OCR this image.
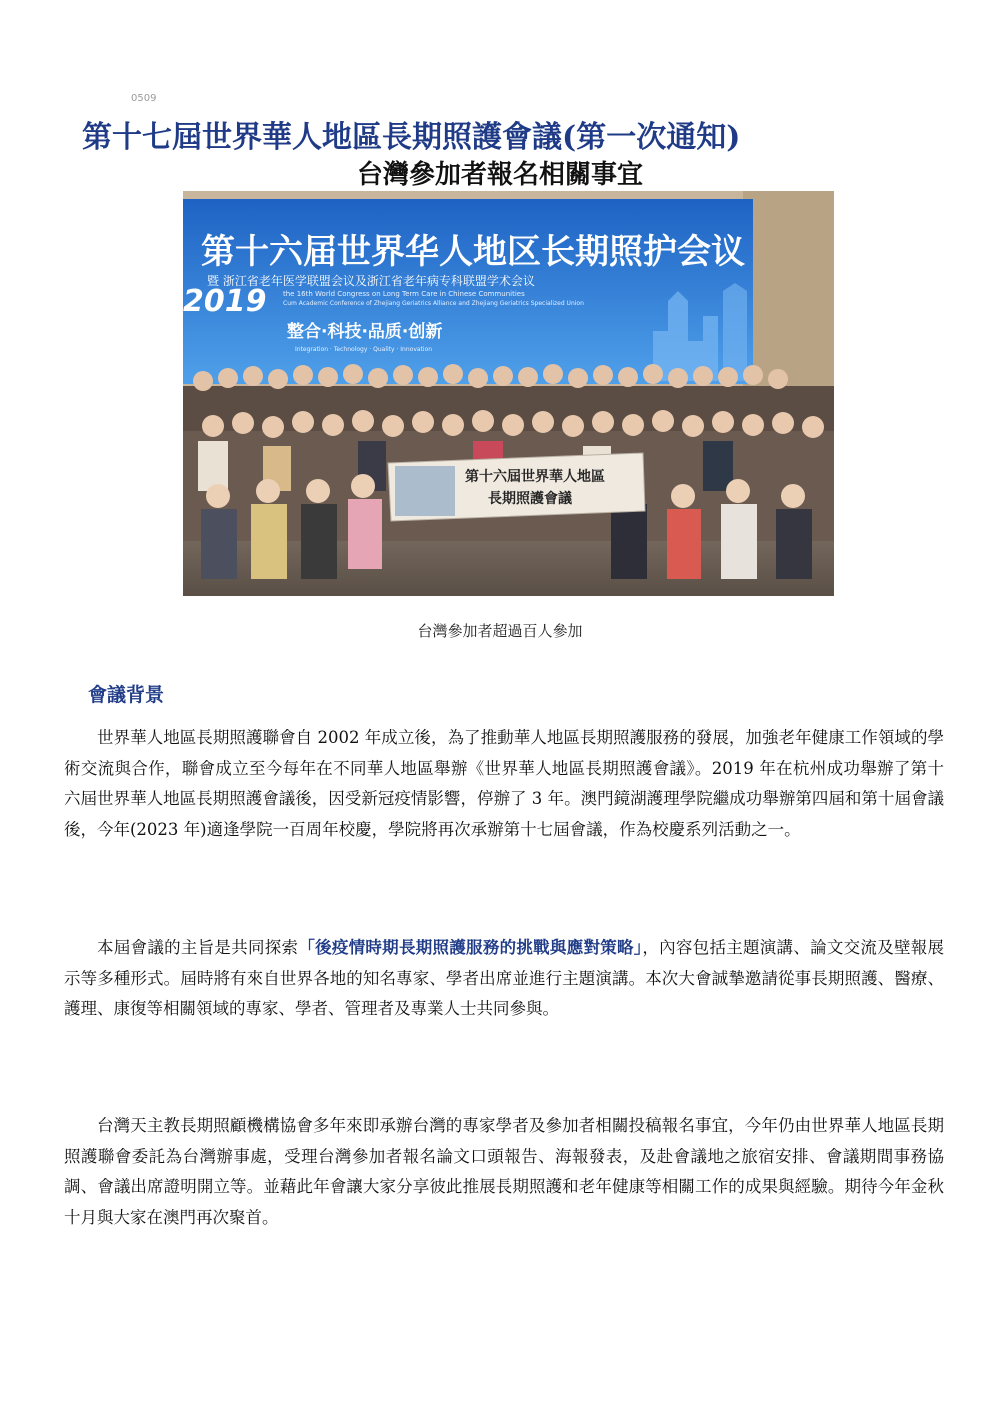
0509
第十七屆世界華人地區長期照護會議(第一次通知)
台灣參加者報名相關事宜
第十六届世界华人地区长期照护会议
暨 浙江省老年医学联盟会议及浙江省老年病专科联盟学术会议
2019 the 16th World Congress on Long Term Care in Chinese Communities
Cum Academic Conference of Zhejiang Geriatrics Alliance and Zhejiang Geriatrics Specialized Union
整合·科技·品质·创新
Integration · Technology · Quality · Innovation
第十六屆世界華人地區
長期照護會議
台灣參加者超過百人參加
會議背景

世界華人地區長期照護聯會自 2002 年成立後，為了推動華人地區長期照護服務的發展，加強老年健康工作領域的學術交流與合作，聯會成立至今每年在不同華人地區舉辦《世界華人地區長期照護會議》。2019 年在杭州成功舉辦了第十六屆世界華人地區長期照護會議後，因受新冠疫情影響，停辦了 3 年。澳門鏡湖護理學院繼成功舉辦第四屆和第十屆會議後，今年(2023 年)適逢學院一百周年校慶，學院將再次承辦第十七屆會議，作為校慶系列活動之一。

本屆會議的主旨是共同探索「後疫情時期長期照護服務的挑戰與應對策略」，內容包括主題演講、論文交流及壁報展示等多種形式。屆時將有來自世界各地的知名專家、學者出席並進行主題演講。本次大會誠摯邀請從事長期照護、醫療、護理、康復等相關領域的專家、學者、管理者及專業人士共同參與。

台灣天主教長期照顧機構協會多年來即承辦台灣的專家學者及參加者相關投稿報名事宜，今年仍由世界華人地區長期照護聯會委託為台灣辦事處，受理台灣參加者報名論文口頭報告、海報發表，及赴會議地之旅宿安排、會議期間事務協調、會議出席證明開立等。並藉此年會讓大家分享彼此推展長期照護和老年健康等相關工作的成果與經驗。期待今年金秋十月與大家在澳門再次聚首。
